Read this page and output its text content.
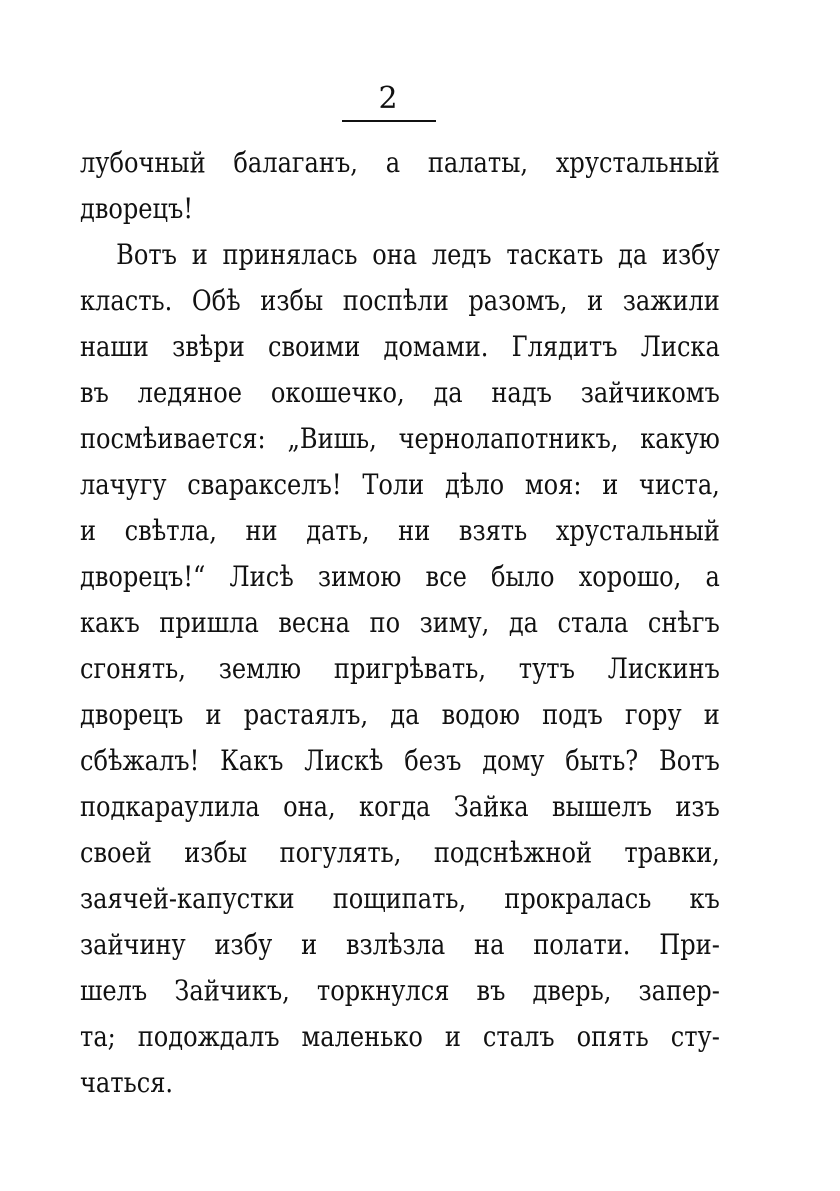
2
лубочный балаганъ, а палаты, хрустальный
дворецъ!
Вотъ и принялась она ледъ таскать да избу
класть. Обѣ избы поспѣли разомъ, и зажили
наши звѣри своими домами. Глядитъ Лиска
въ ледяное окошечко, да надъ зайчикомъ
посмѣивается: „Вишь, чернолапотникъ, какую
лачугу сваракселъ! Толи дѣло моя: и чиста,
и свѣтла, ни дать, ни взять хрустальный
дворецъ!“ Лисѣ зимою все было хорошо, а
какъ пришла весна по зиму, да стала снѣгъ
сгонять, землю пригрѣвать, тутъ Лискинъ
дворецъ и растаялъ, да водою подъ гору и
сбѣжалъ! Какъ Лискѣ безъ дому быть? Вотъ
подкараулила она, когда Зайка вышелъ изъ
своей избы погулять, подснѣжной травки,
заячей-капустки пощипать, прокралась къ
зайчину избу и взлѣзла на полати. При-
шелъ Зайчикъ, торкнулся въ дверь, запер-
та; подождалъ маленько и сталъ опять сту-
чаться.
